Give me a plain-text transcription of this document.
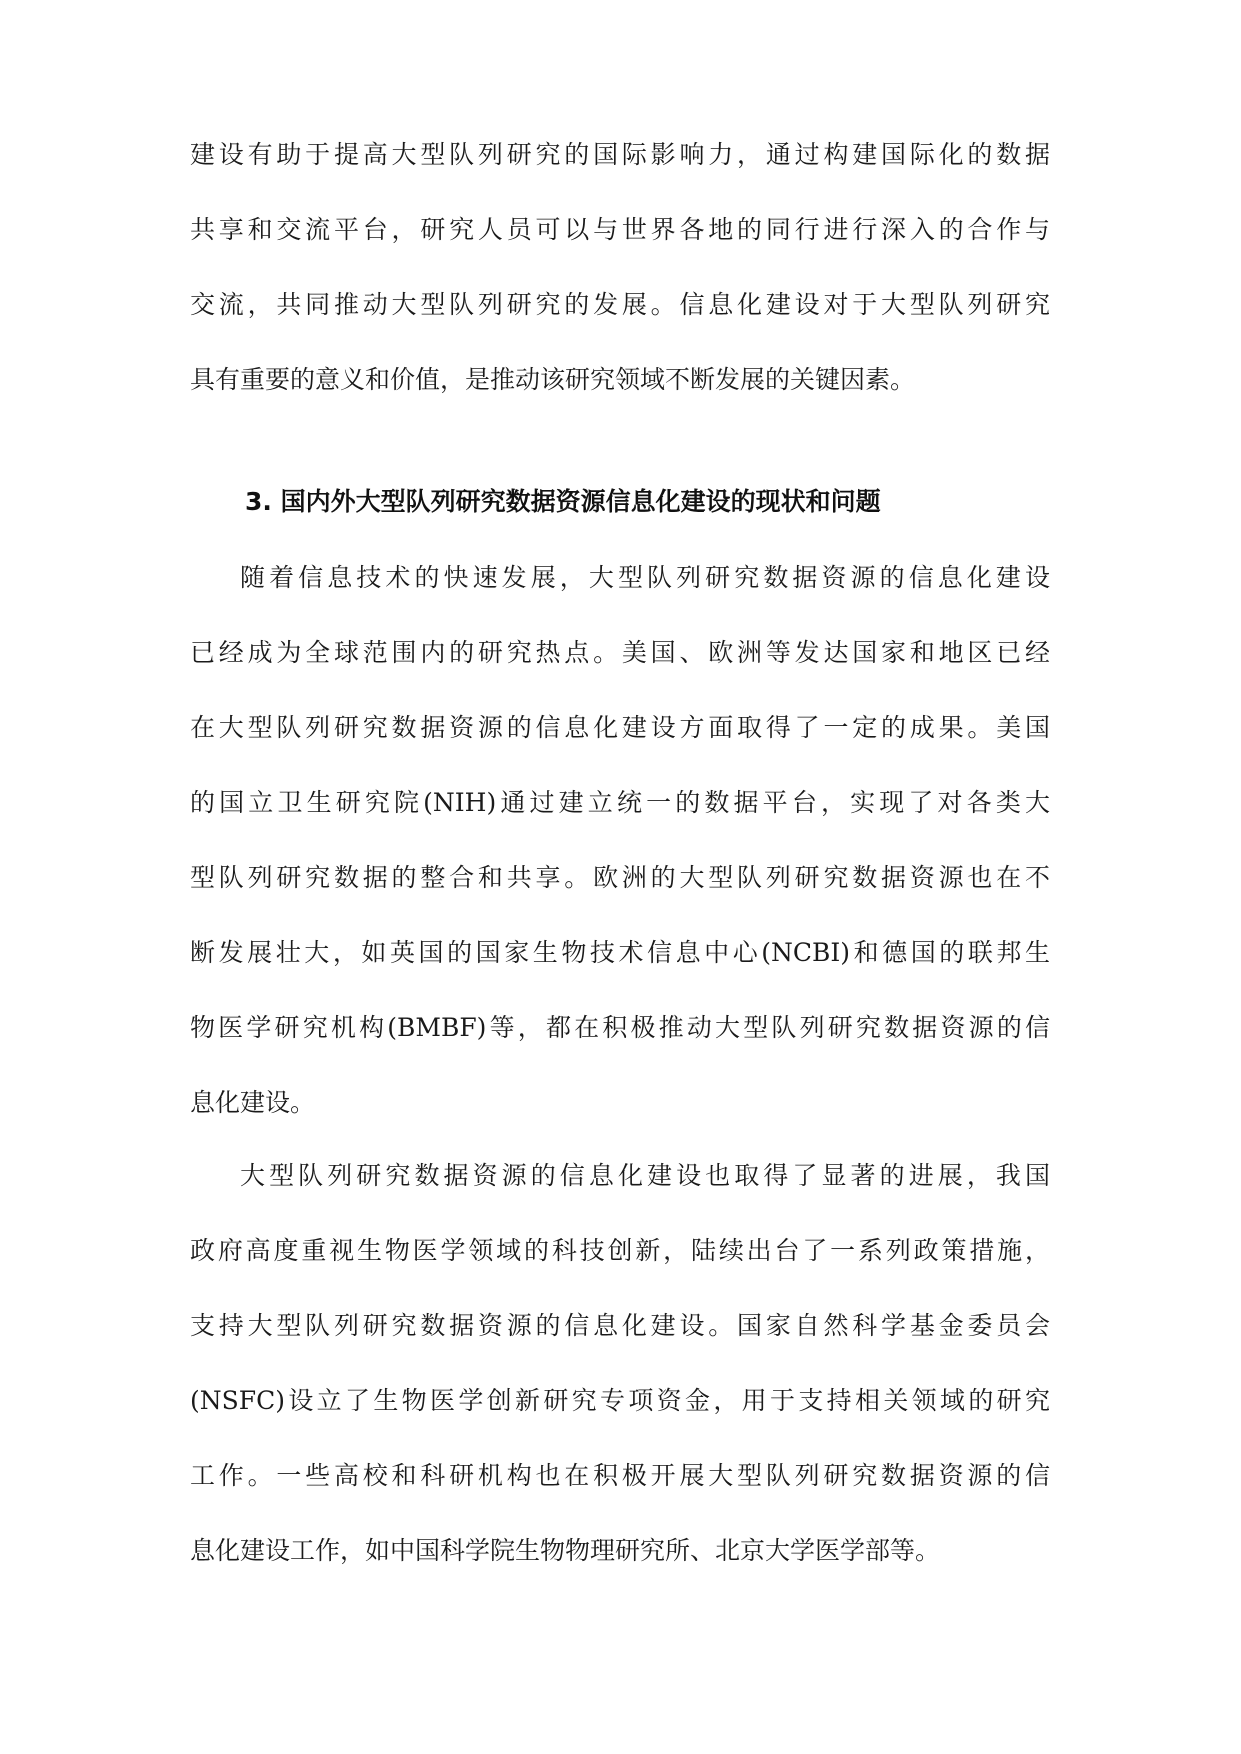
建设有助于提高大型队列研究的国际影响力，通过构建国际化的数据
共享和交流平台，研究人员可以与世界各地的同行进行深入的合作与
交流，共同推动大型队列研究的发展。信息化建设对于大型队列研究
具有重要的意义和价值，是推动该研究领域不断发展的关键因素。
3. 国内外大型队列研究数据资源信息化建设的现状和问题
随着信息技术的快速发展，大型队列研究数据资源的信息化建设
已经成为全球范围内的研究热点。美国、欧洲等发达国家和地区已经
在大型队列研究数据资源的信息化建设方面取得了一定的成果。美国
的国立卫生研究院(NIH)通过建立统一的数据平台，实现了对各类大
型队列研究数据的整合和共享。欧洲的大型队列研究数据资源也在不
断发展壮大，如英国的国家生物技术信息中心(NCBI)和德国的联邦生
物医学研究机构(BMBF)等，都在积极推动大型队列研究数据资源的信
息化建设。
大型队列研究数据资源的信息化建设也取得了显著的进展，我国
政府高度重视生物医学领域的科技创新，陆续出台了一系列政策措施，
支持大型队列研究数据资源的信息化建设。国家自然科学基金委员会
(NSFC)设立了生物医学创新研究专项资金，用于支持相关领域的研究
工作。一些高校和科研机构也在积极开展大型队列研究数据资源的信
息化建设工作，如中国科学院生物物理研究所、北京大学医学部等。
